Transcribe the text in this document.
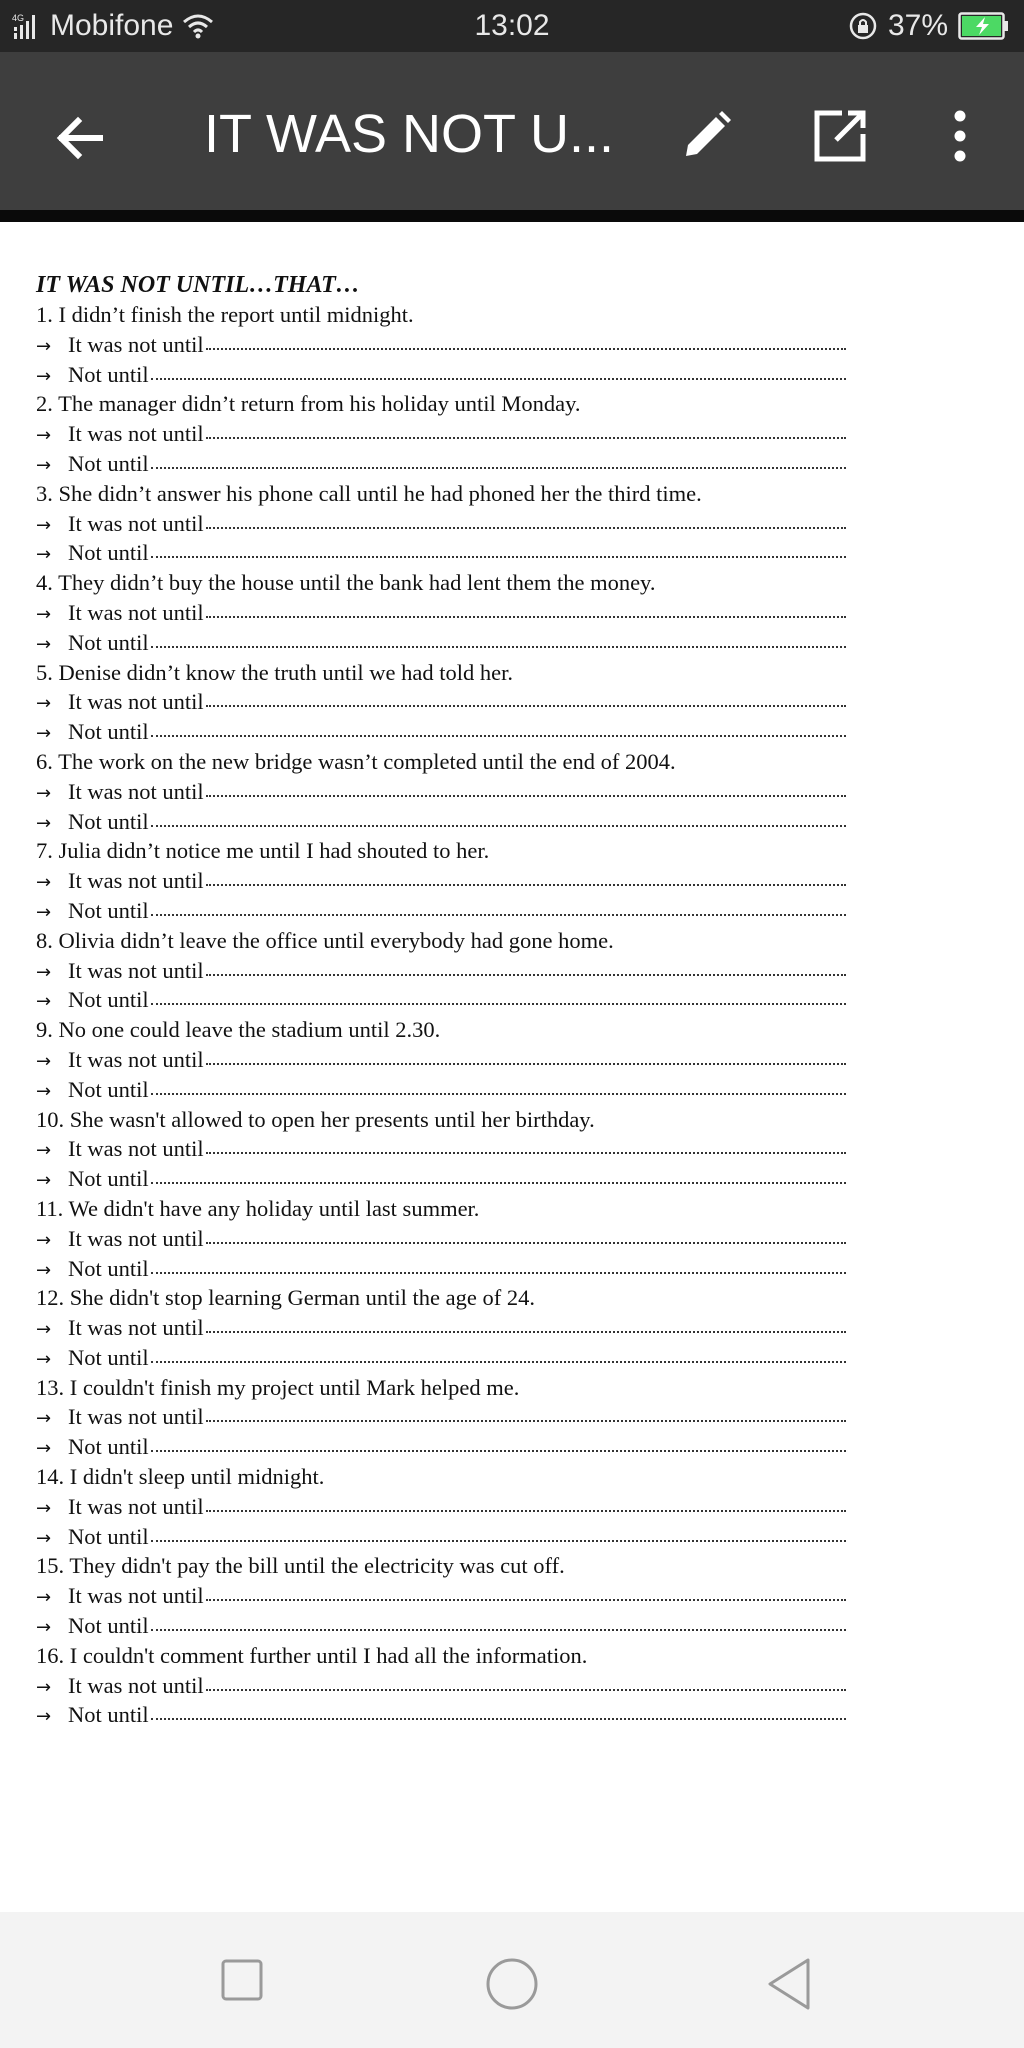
4G Mobifone	13:02	37%
IT WAS NOT U...
IT WAS NOT UNTIL…THAT…
1. I didn’t finish the report until midnight.
→ It was not until
→ Not until
2. The manager didn’t return from his holiday until Monday.
→ It was not until
→ Not until
3. She didn’t answer his phone call until he had phoned her the third time.
→ It was not until
→ Not until
4. They didn’t buy the house until the bank had lent them the money.
→ It was not until
→ Not until
5. Denise didn’t know the truth until we had told her.
→ It was not until
→ Not until
6. The work on the new bridge wasn’t completed until the end of 2004.
→ It was not until
→ Not until
7. Julia didn’t notice me until I had shouted to her.
→ It was not until
→ Not until
8. Olivia didn’t leave the office until everybody had gone home.
→ It was not until
→ Not until
9. No one could leave the stadium until 2.30.
→ It was not until
→ Not until
10. She wasn't allowed to open her presents until her birthday.
→ It was not until
→ Not until
11. We didn't have any holiday until last summer.
→ It was not until
→ Not until
12. She didn't stop learning German until the age of 24.
→ It was not until
→ Not until
13. I couldn't finish my project until Mark helped me.
→ It was not until
→ Not until
14. I didn't sleep until midnight.
→ It was not until
→ Not until
15. They didn't pay the bill until the electricity was cut off.
→ It was not until
→ Not until
16. I couldn't comment further until I had all the information.
→ It was not until
→ Not until
